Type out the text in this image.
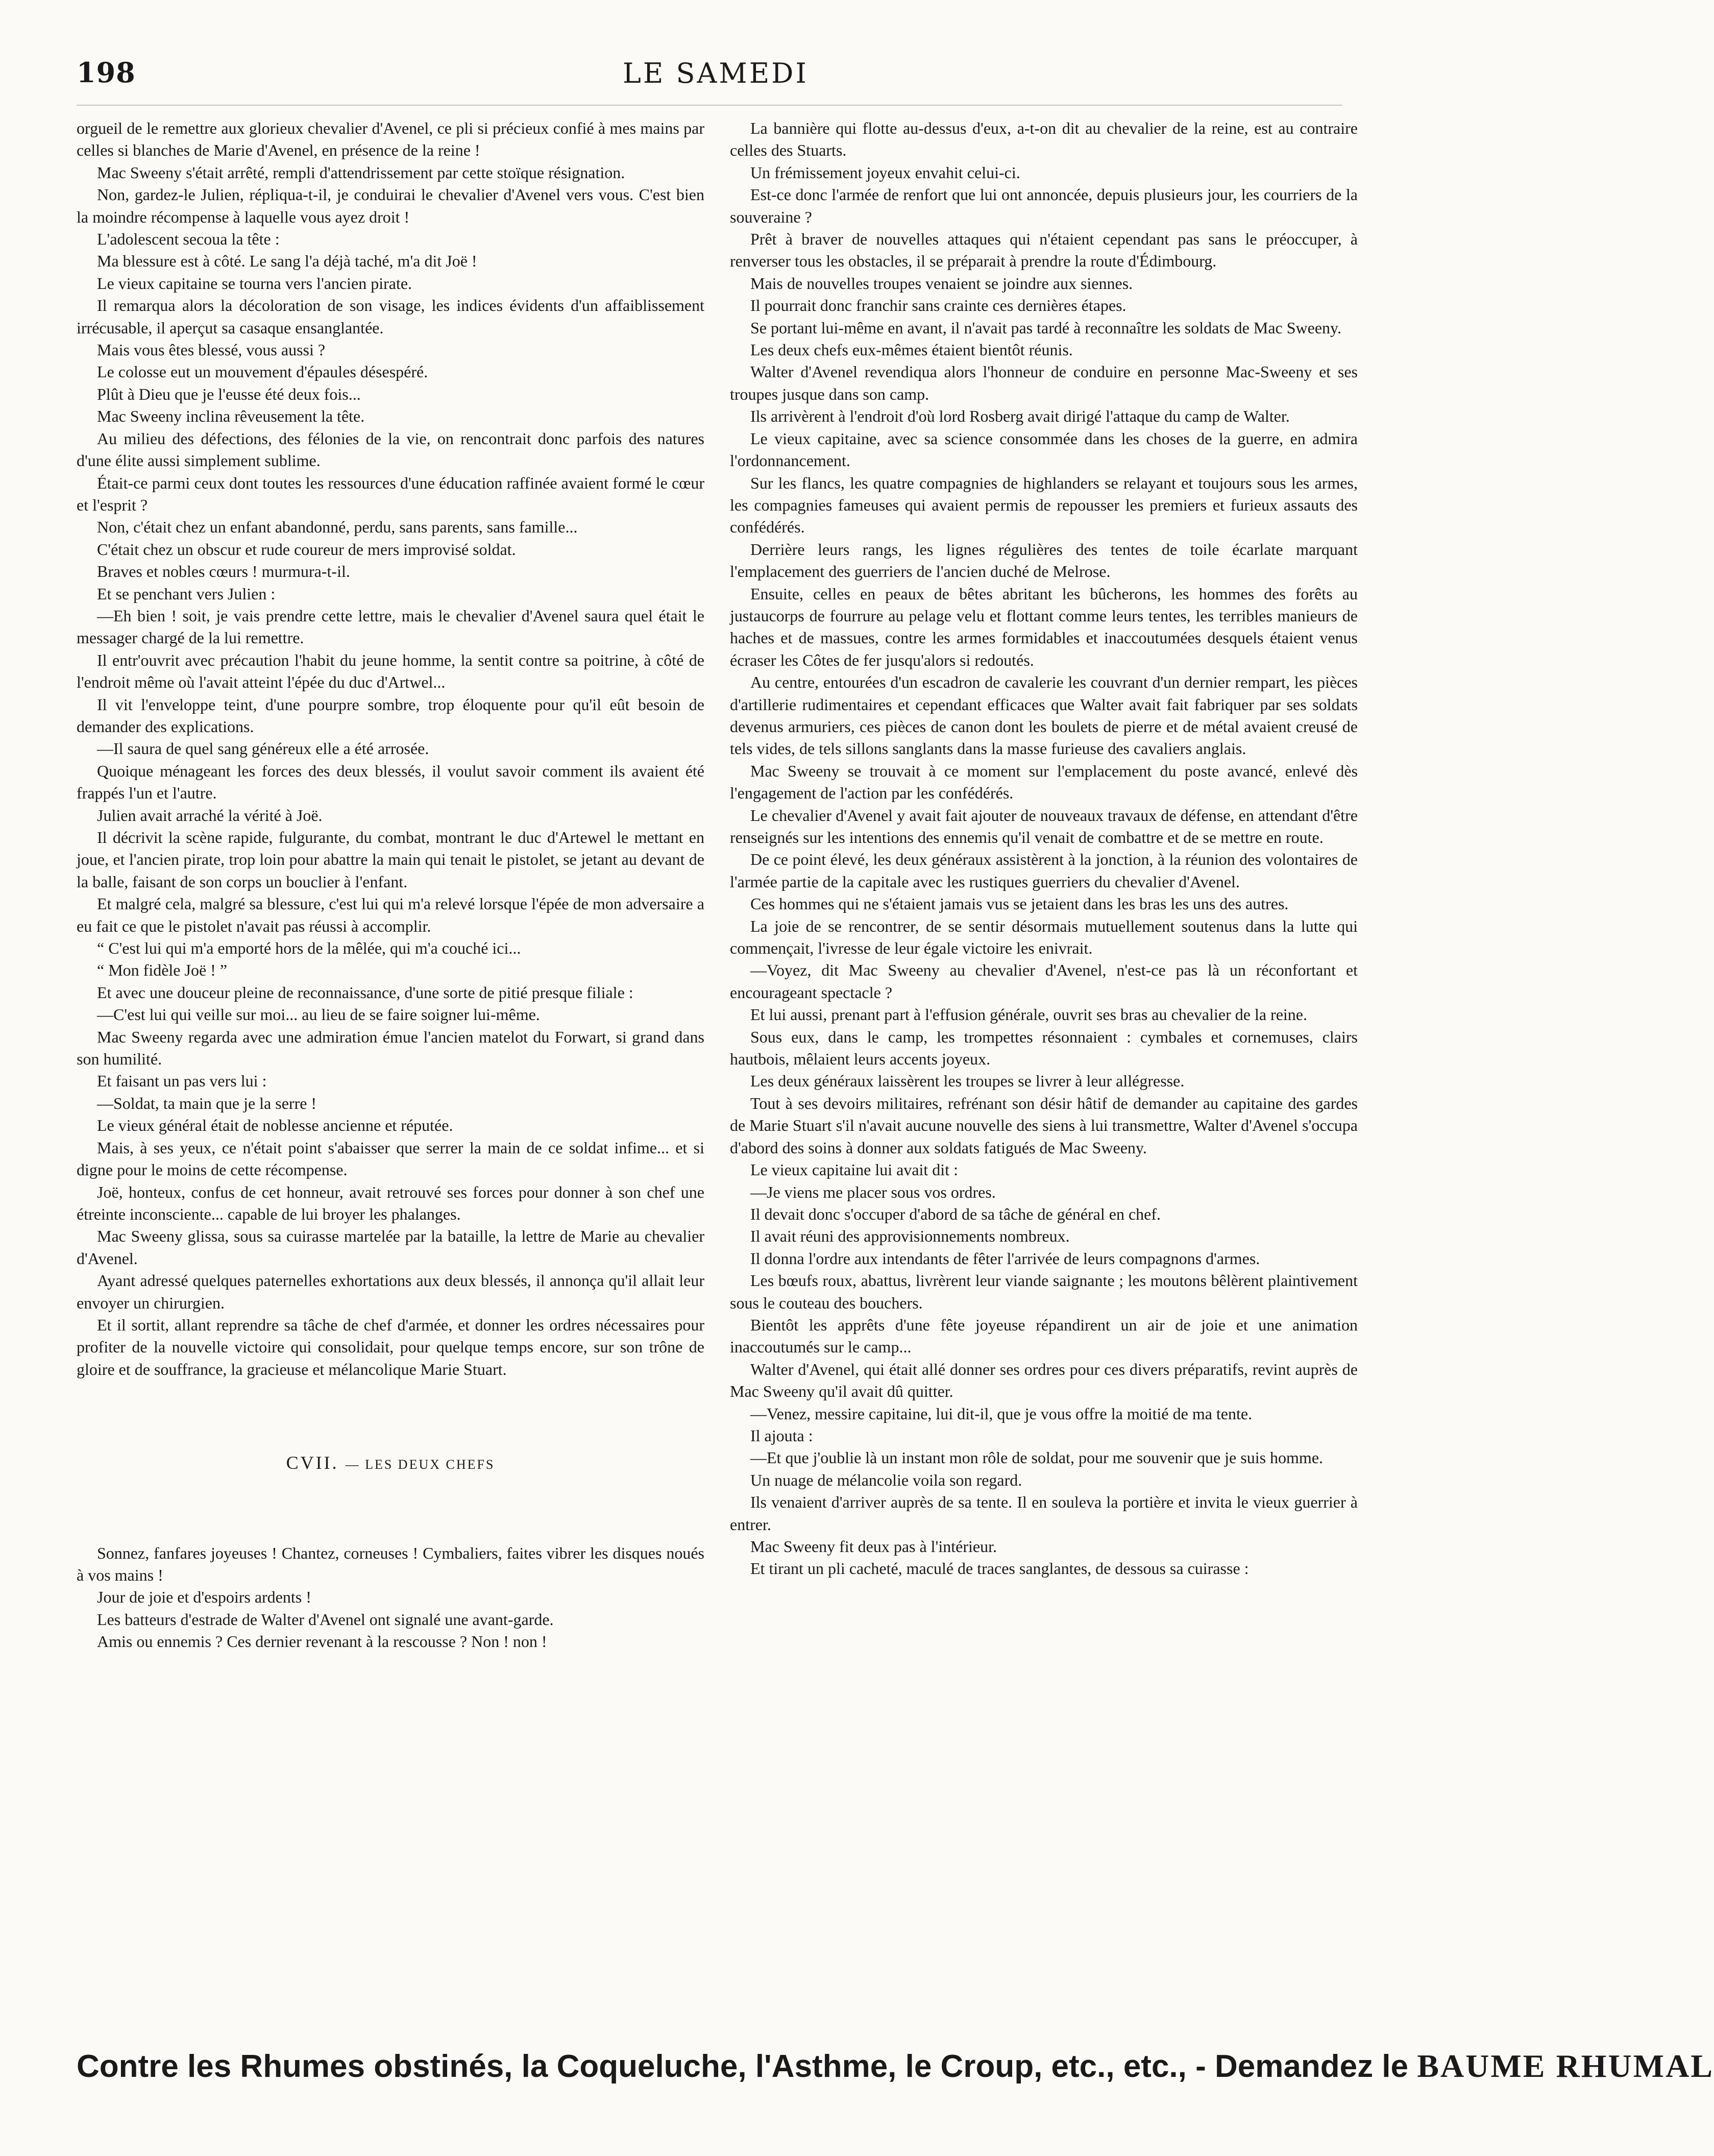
198	LE SAMEDI

orgueil de le remettre aux glorieux chevalier d'Avenel, ce pli si précieux confié à mes mains par celles si blanches de Marie d'Avenel, en présence de la reine !

Mac Sweeny s'était arrêté, rempli d'attendrissement par cette stoïque résignation.

Non, gardez-le Julien, répliqua-t-il, je conduirai le chevalier d'Avenel vers vous. C'est bien la moindre récompense à laquelle vous ayez droit !

L'adolescent secoua la tête :

Ma blessure est à côté. Le sang l'a déjà taché, m'a dit Joë !

Le vieux capitaine se tourna vers l'ancien pirate.

Il remarqua alors la décoloration de son visage, les indices évidents d'un affaiblissement irrécusable, il aperçut sa casaque ensanglantée.

Mais vous êtes blessé, vous aussi ?

Le colosse eut un mouvement d'épaules désespéré.

Plût à Dieu que je l'eusse été deux fois...

Mac Sweeny inclina rêveusement la tête.

Au milieu des défections, des félonies de la vie, on rencontrait donc parfois des natures d'une élite aussi simplement sublime.

Était-ce parmi ceux dont toutes les ressources d'une éducation raffinée avaient formé le cœur et l'esprit ?

Non, c'était chez un enfant abandonné, perdu, sans parents, sans famille...

C'était chez un obscur et rude coureur de mers improvisé soldat.

Braves et nobles cœurs ! murmura-t-il.

Et se penchant vers Julien :

—Eh bien ! soit, je vais prendre cette lettre, mais le chevalier d'Avenel saura quel était le messager chargé de la lui remettre.

Il entr'ouvrit avec précaution l'habit du jeune homme, la sentit contre sa poitrine, à côté de l'endroit même où l'avait atteint l'épée du duc d'Artwel...

Il vit l'enveloppe teint, d'une pourpre sombre, trop éloquente pour qu'il eût besoin de demander des explications.

—Il saura de quel sang généreux elle a été arrosée.

Quoique ménageant les forces des deux blessés, il voulut savoir comment ils avaient été frappés l'un et l'autre.

Julien avait arraché la vérité à Joë.

Il décrivit la scène rapide, fulgurante, du combat, montrant le duc d'Artewel le mettant en joue, et l'ancien pirate, trop loin pour abattre la main qui tenait le pistolet, se jetant au devant de la balle, faisant de son corps un bouclier à l'enfant.

Et malgré cela, malgré sa blessure, c'est lui qui m'a relevé lorsque l'épée de mon adversaire a eu fait ce que le pistolet n'avait pas réussi à accomplir.

“ C'est lui qui m'a emporté hors de la mêlée, qui m'a couché ici...

“ Mon fidèle Joë ! ”

Et avec une douceur pleine de reconnaissance, d'une sorte de pitié presque filiale :

—C'est lui qui veille sur moi... au lieu de se faire soigner lui-même.

Mac Sweeny regarda avec une admiration émue l'ancien matelot du Forwart, si grand dans son humilité.

Et faisant un pas vers lui :

—Soldat, ta main que je la serre !

Le vieux général était de noblesse ancienne et réputée.

Mais, à ses yeux, ce n'était point s'abaisser que serrer la main de ce soldat infime... et si digne pour le moins de cette récompense.

Joë, honteux, confus de cet honneur, avait retrouvé ses forces pour donner à son chef une étreinte inconsciente... capable de lui broyer les phalanges.

Mac Sweeny glissa, sous sa cuirasse martelée par la bataille, la lettre de Marie au chevalier d'Avenel.

Ayant adressé quelques paternelles exhortations aux deux blessés, il annonça qu'il allait leur envoyer un chirurgien.

Et il sortit, allant reprendre sa tâche de chef d'armée, et donner les ordres nécessaires pour profiter de la nouvelle victoire qui consolidait, pour quelque temps encore, sur son trône de gloire et de souffrance, la gracieuse et mélancolique Marie Stuart.

CVII. — LES DEUX CHEFS

Sonnez, fanfares joyeuses ! Chantez, corneuses ! Cymbaliers, faites vibrer les disques noués à vos mains !

Jour de joie et d'espoirs ardents !

Les batteurs d'estrade de Walter d'Avenel ont signalé une avant-garde.

Amis ou ennemis ? Ces dernier revenant à la rescousse ? Non ! non !

La bannière qui flotte au-dessus d'eux, a-t-on dit au chevalier de la reine, est au contraire celles des Stuarts.

Un frémissement joyeux envahit celui-ci.

Est-ce donc l'armée de renfort que lui ont annoncée, depuis plusieurs jour, les courriers de la souveraine ?

Prêt à braver de nouvelles attaques qui n'étaient cependant pas sans le préoccuper, à renverser tous les obstacles, il se préparait à prendre la route d'Édimbourg.

Mais de nouvelles troupes venaient se joindre aux siennes.

Il pourrait donc franchir sans crainte ces dernières étapes.

Se portant lui-même en avant, il n'avait pas tardé à reconnaître les soldats de Mac Sweeny.

Les deux chefs eux-mêmes étaient bientôt réunis.

Walter d'Avenel revendiqua alors l'honneur de conduire en personne Mac-Sweeny et ses troupes jusque dans son camp.

Ils arrivèrent à l'endroit d'où lord Rosberg avait dirigé l'attaque du camp de Walter.

Le vieux capitaine, avec sa science consommée dans les choses de la guerre, en admira l'ordonnancement.

Sur les flancs, les quatre compagnies de highlanders se relayant et toujours sous les armes, les compagnies fameuses qui avaient permis de repousser les premiers et furieux assauts des confédérés.

Derrière leurs rangs, les lignes régulières des tentes de toile écarlate marquant l'emplacement des guerriers de l'ancien duché de Melrose.

Ensuite, celles en peaux de bêtes abritant les bûcherons, les hommes des forêts au justaucorps de fourrure au pelage velu et flottant comme leurs tentes, les terribles manieurs de haches et de massues, contre les armes formidables et inaccoutumées desquels étaient venus écraser les Côtes de fer jusqu'alors si redoutés.

Au centre, entourées d'un escadron de cavalerie les couvrant d'un dernier rempart, les pièces d'artillerie rudimentaires et cependant efficaces que Walter avait fait fabriquer par ses soldats devenus armuriers, ces pièces de canon dont les boulets de pierre et de métal avaient creusé de tels vides, de tels sillons sanglants dans la masse furieuse des cavaliers anglais.

Mac Sweeny se trouvait à ce moment sur l'emplacement du poste avancé, enlevé dès l'engagement de l'action par les confédérés.

Le chevalier d'Avenel y avait fait ajouter de nouveaux travaux de défense, en attendant d'être renseignés sur les intentions des ennemis qu'il venait de combattre et de se mettre en route.

De ce point élevé, les deux généraux assistèrent à la jonction, à la réunion des volontaires de l'armée partie de la capitale avec les rustiques guerriers du chevalier d'Avenel.

Ces hommes qui ne s'étaient jamais vus se jetaient dans les bras les uns des autres.

La joie de se rencontrer, de se sentir désormais mutuellement soutenus dans la lutte qui commençait, l'ivresse de leur égale victoire les enivrait.

—Voyez, dit Mac Sweeny au chevalier d'Avenel, n'est-ce pas là un réconfortant et encourageant spectacle ?

Et lui aussi, prenant part à l'effusion générale, ouvrit ses bras au chevalier de la reine.

Sous eux, dans le camp, les trompettes résonnaient : cymbales et cornemuses, clairs hautbois, mêlaient leurs accents joyeux.

Les deux généraux laissèrent les troupes se livrer à leur allégresse.

Tout à ses devoirs militaires, refrénant son désir hâtif de demander au capitaine des gardes de Marie Stuart s'il n'avait aucune nouvelle des siens à lui transmettre, Walter d'Avenel s'occupa d'abord des soins à donner aux soldats fatigués de Mac Sweeny.

Le vieux capitaine lui avait dit :

—Je viens me placer sous vos ordres.

Il devait donc s'occuper d'abord de sa tâche de général en chef.

Il avait réuni des approvisionnements nombreux.

Il donna l'ordre aux intendants de fêter l'arrivée de leurs compagnons d'armes.

Les bœufs roux, abattus, livrèrent leur viande saignante ; les moutons bêlèrent plaintivement sous le couteau des bouchers.

Bientôt les apprêts d'une fête joyeuse répandirent un air de joie et une animation inaccoutumés sur le camp...

Walter d'Avenel, qui était allé donner ses ordres pour ces divers préparatifs, revint auprès de Mac Sweeny qu'il avait dû quitter.

—Venez, messire capitaine, lui dit-il, que je vous offre la moitié de ma tente.

Il ajouta :

—Et que j'oublie là un instant mon rôle de soldat, pour me souvenir que je suis homme.

Un nuage de mélancolie voila son regard.

Ils venaient d'arriver auprès de sa tente. Il en souleva la portière et invita le vieux guerrier à entrer.

Mac Sweeny fit deux pas à l'intérieur.

Et tirant un pli cacheté, maculé de traces sanglantes, de dessous sa cuirasse :

Contre les Rhumes obstinés, la Coqueluche, l'Asthme, le Croup, etc., etc., - Demandez le BAUME RHUMAL
